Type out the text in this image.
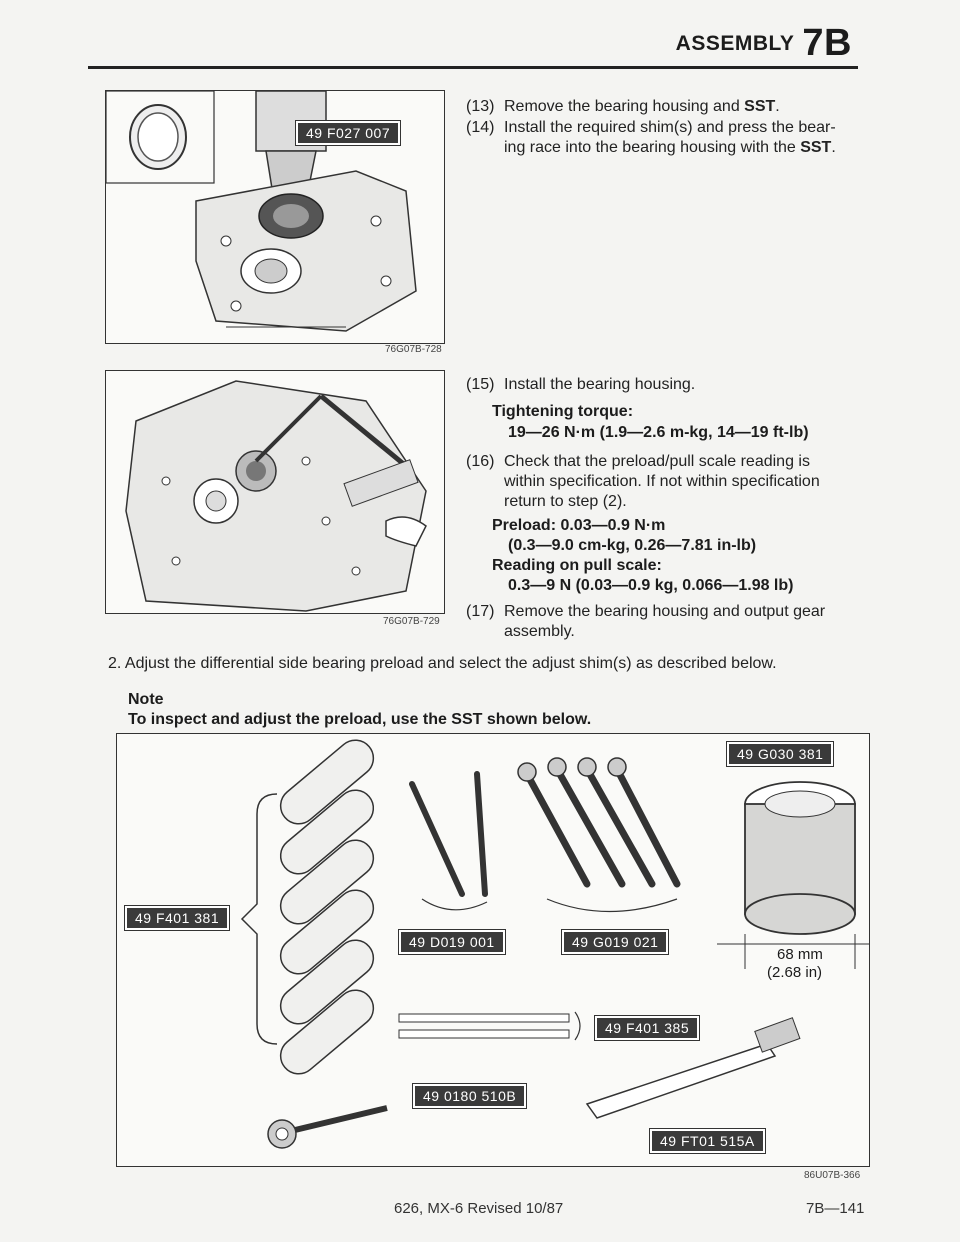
ASSEMBLY 7B
49 F027 007
76G07B-728
76G07B-729
(13) Remove the bearing housing and SST.
(14) Install the required shim(s) and press the bear-
ing race into the bearing housing with the SST.
(15) Install the bearing housing.
Tightening torque:
19—26 N·m (1.9—2.6 m-kg, 14—19 ft-lb)
(16) Check that the preload/pull scale reading is
within specification. If not within specification
return to step (2).
Preload: 0.03—0.9 N·m
(0.3—9.0 cm-kg, 0.26—7.81 in-lb)
Reading on pull scale:
0.3—9 N (0.03—0.9 kg, 0.066—1.98 lb)
(17) Remove the bearing housing and output gear
assembly.
2. Adjust the differential side bearing preload and select the adjust shim(s) as described below.
Note
To inspect and adjust the preload, use the SST shown below.
49 G030 381
49 F401 381
49 D019 001	49 G019 021
49 F401 385
49 0180 510B
49 FT01 515A
68 mm
(2.68 in)
86U07B-366
626, MX-6 Revised 10/87	7B—141
